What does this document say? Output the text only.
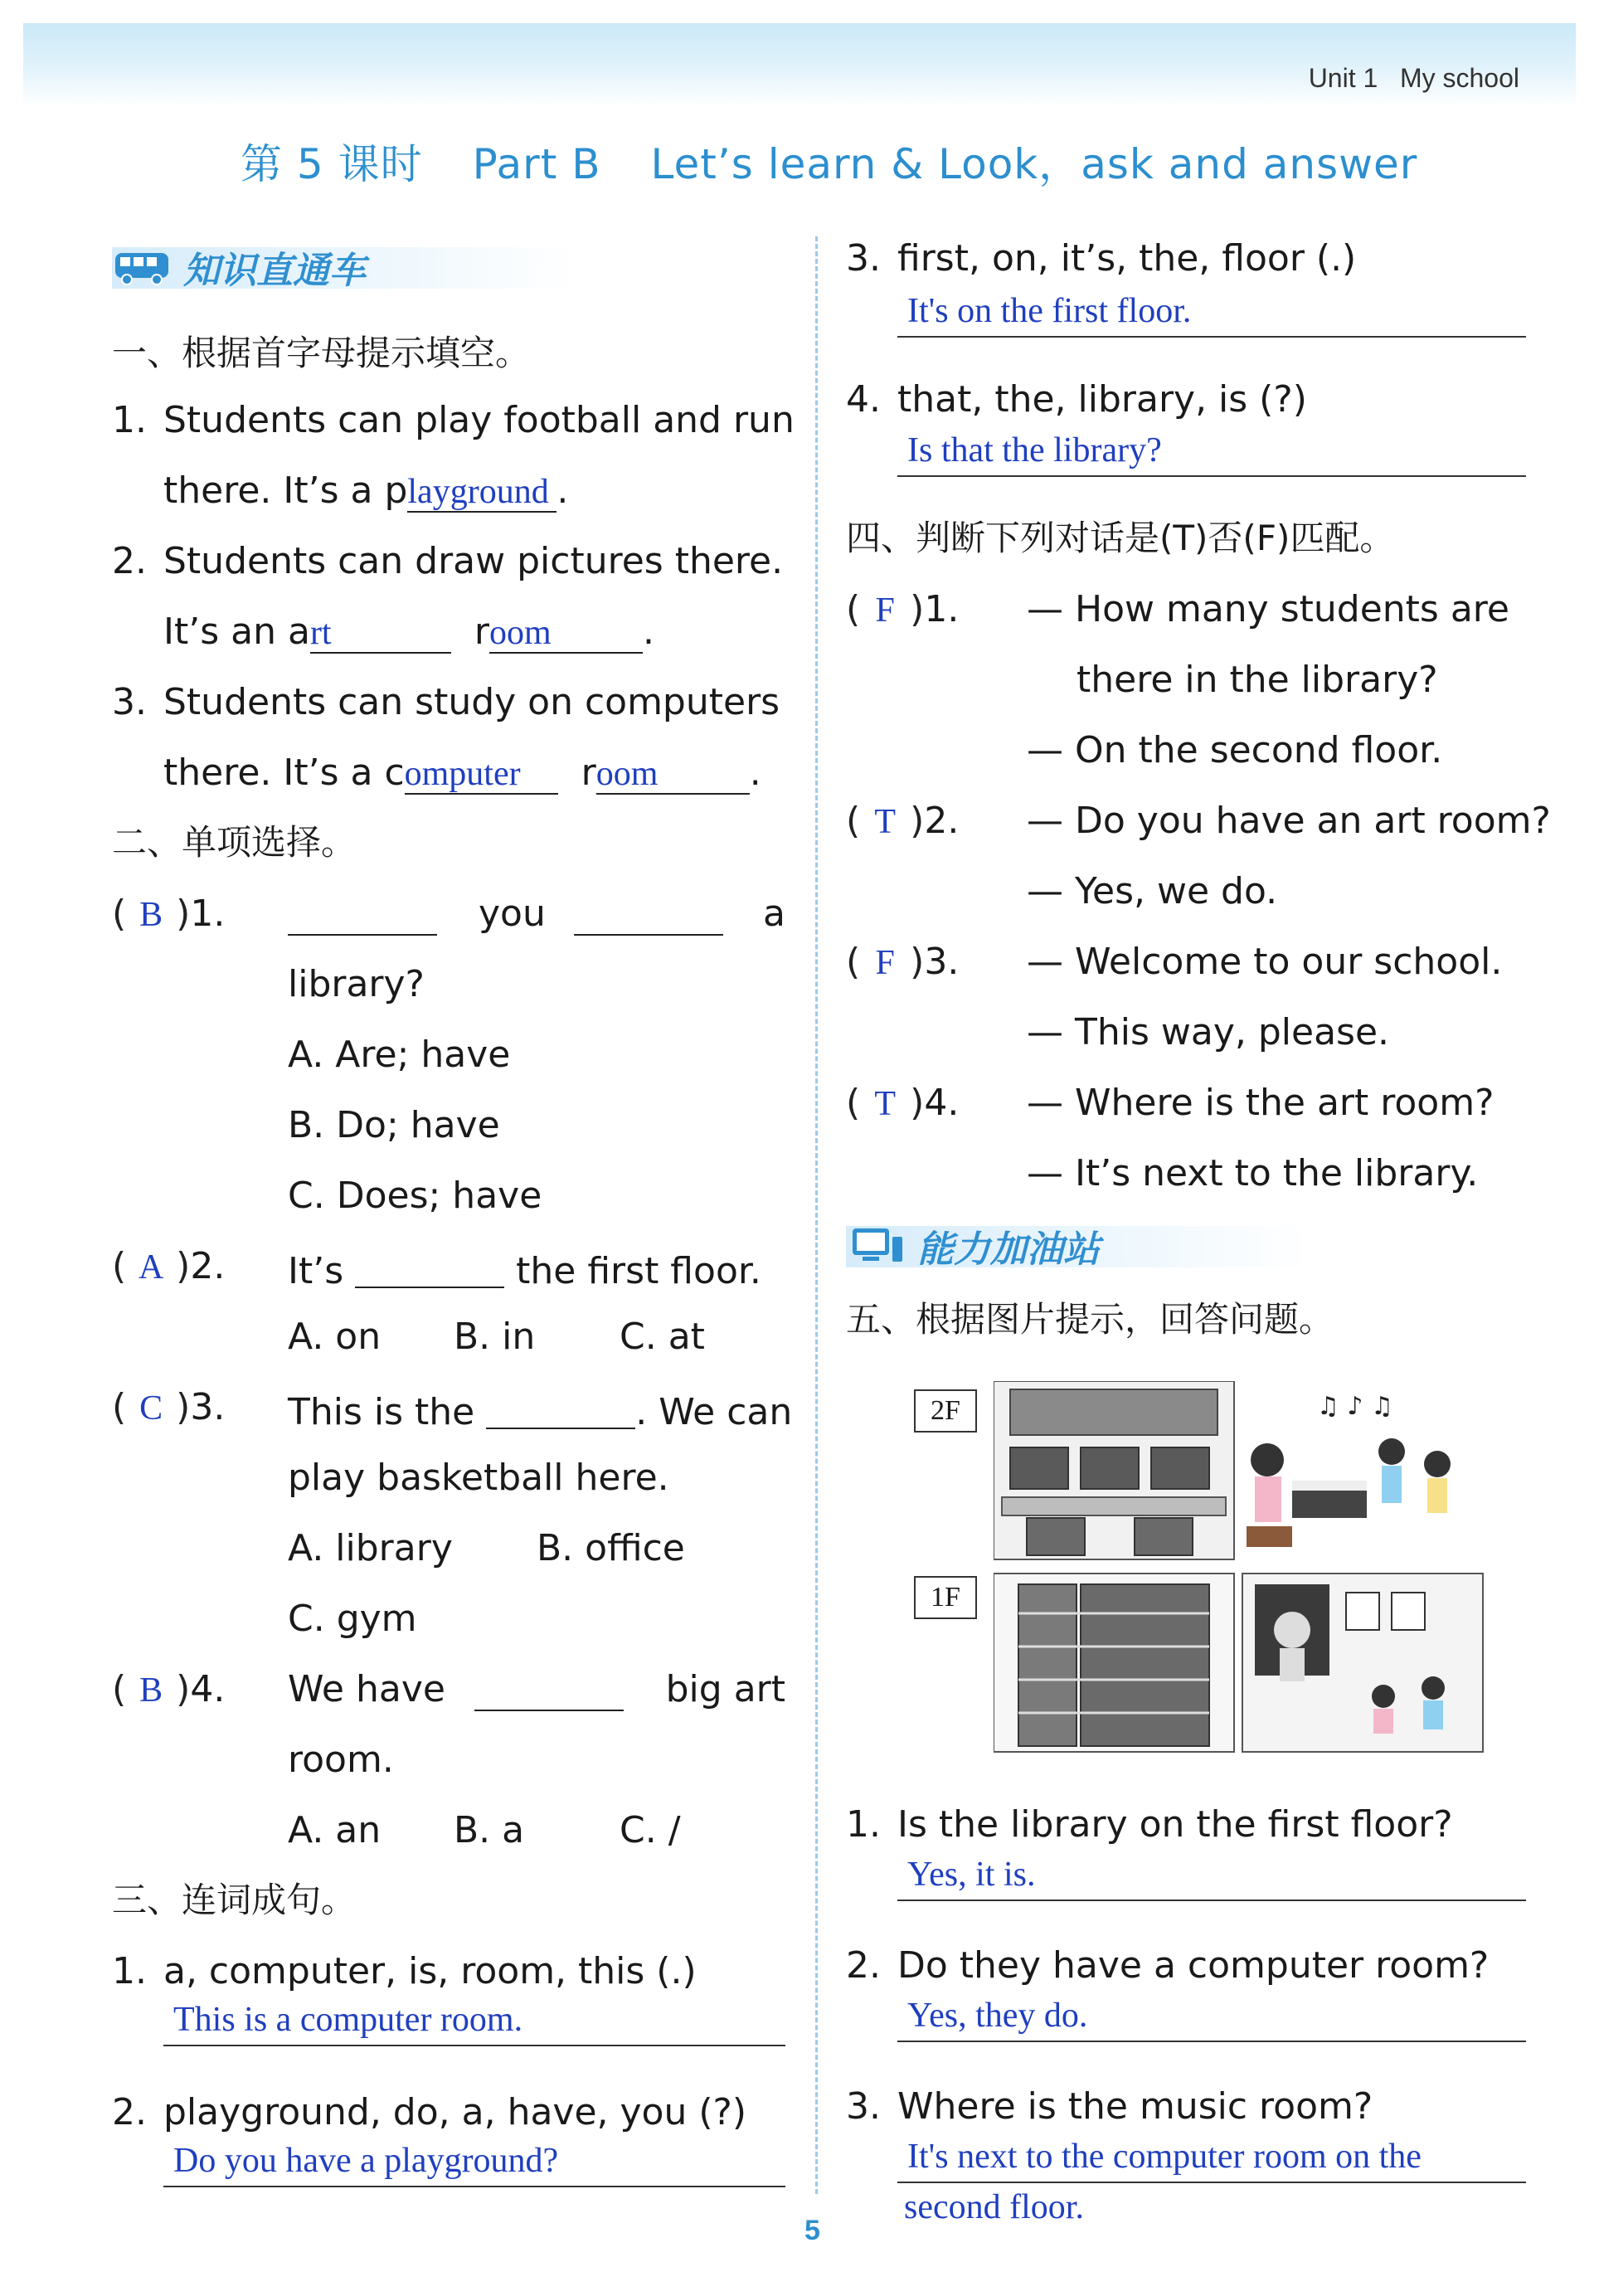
Unit 1 My school
第 5 课时 Part B Let’s learn & Look，ask and answer
知识直通车
一、根据首字母提示填空。
1. Students can play football and run
there. It’s a playground .
2. Students can draw pictures there.
It’s an art	room	.
3. Students can study on computers
there. It’s a computer room	.
二、单项选择。
( B )1.	you	a
library?
A. Are; have
B. Do; have
C. Does; have
( A )2. It’s	the first floor.
A. on B. in C. at
( C )3. This is the	. We can
play basketball here.
A. library B. office
C. gym
( B )4. We have	big art
room.
A. an B. a	C. /
三、连词成句。
1. a, computer, is, room, this (.)
This is a computer room.
2. playground, do, a, have, you (?)
Do you have a playground?
3. first, on, it’s, the, floor (.)
It's on the first floor.
4. that, the, library, is (?)
Is that the library?
四、判断下列对话是(T)否(F)匹配。
( F )1. — How many students are
there in the library?
— On the second floor.
( T )2. — Do you have an art room?
— Yes, we do.
( F )3. — Welcome to our school.
— This way, please.
( T )4. — Where is the art room?
— It’s next to the library.
能力加油站
五、根据图片提示，回答问题。
2F
1F
♫ ♪ ♫
1. Is the library on the first floor?
Yes, it is.
2. Do they have a computer room?
Yes, they do.
3. Where is the music room?
It's next to the computer room on the
second floor.
5
